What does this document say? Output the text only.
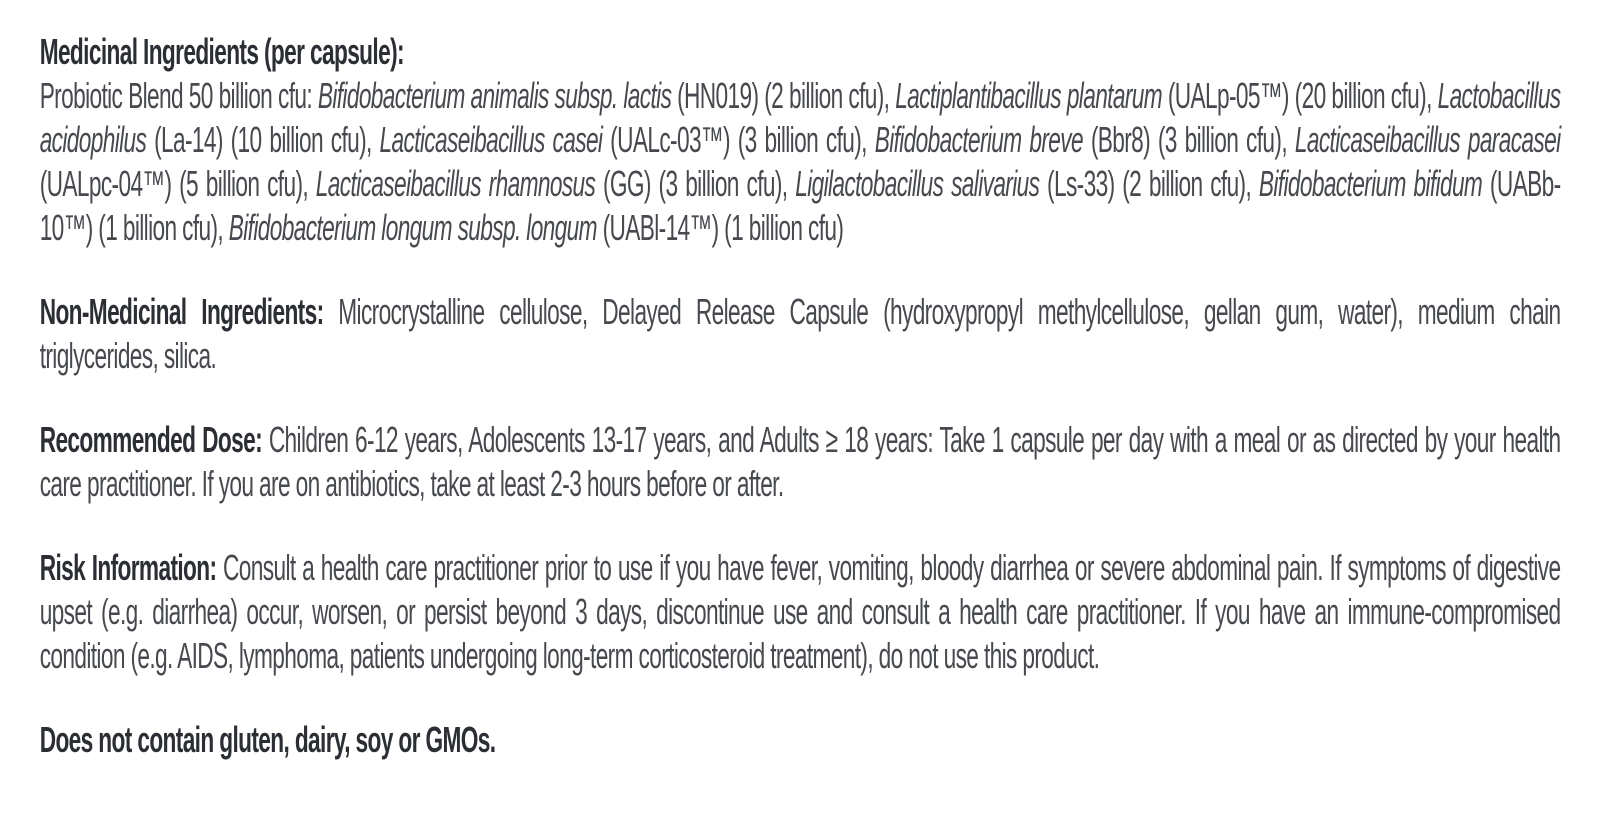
Medicinal Ingredients (per capsule):

Probiotic Blend 50 billion cfu: Bifidobacterium animalis subsp. lactis (HN019) (2 billion cfu), Lactiplantibacillus plantarum (UALp-05™) (20 billion cfu), Lactobacillus acidophilus (La-14) (10 billion cfu), Lacticaseibacillus casei (UALc-03™) (3 billion cfu), Bifidobacterium breve (Bbr8) (3 billion cfu), Lacticaseibacillus paracasei (UALpc-04™) (5 billion cfu), Lacticaseibacillus rhamnosus (GG) (3 billion cfu), Ligilactobacillus salivarius (Ls-33) (2 billion cfu), Bifidobacterium bifidum (UABb-10™) (1 billion cfu), Bifidobacterium longum subsp. longum (UABl-14™) (1 billion cfu)

Non-Medicinal Ingredients: Microcrystalline cellulose, Delayed Release Capsule (hydroxypropyl methylcellulose, gellan gum, water), medium chain triglycerides, silica.

Recommended Dose: Children 6-12 years, Adolescents 13-17 years, and Adults ≥ 18 years: Take 1 capsule per day with a meal or as directed by your health care practitioner. If you are on antibiotics, take at least 2-3 hours before or after.

Risk Information: Consult a health care practitioner prior to use if you have fever, vomiting, bloody diarrhea or severe abdominal pain. If symptoms of digestive upset (e.g. diarrhea) occur, worsen, or persist beyond 3 days, discontinue use and consult a health care practitioner. If you have an immune-compromised condition (e.g. AIDS, lymphoma, patients undergoing long-term corticosteroid treatment), do not use this product.

Does not contain gluten, dairy, soy or GMOs.
